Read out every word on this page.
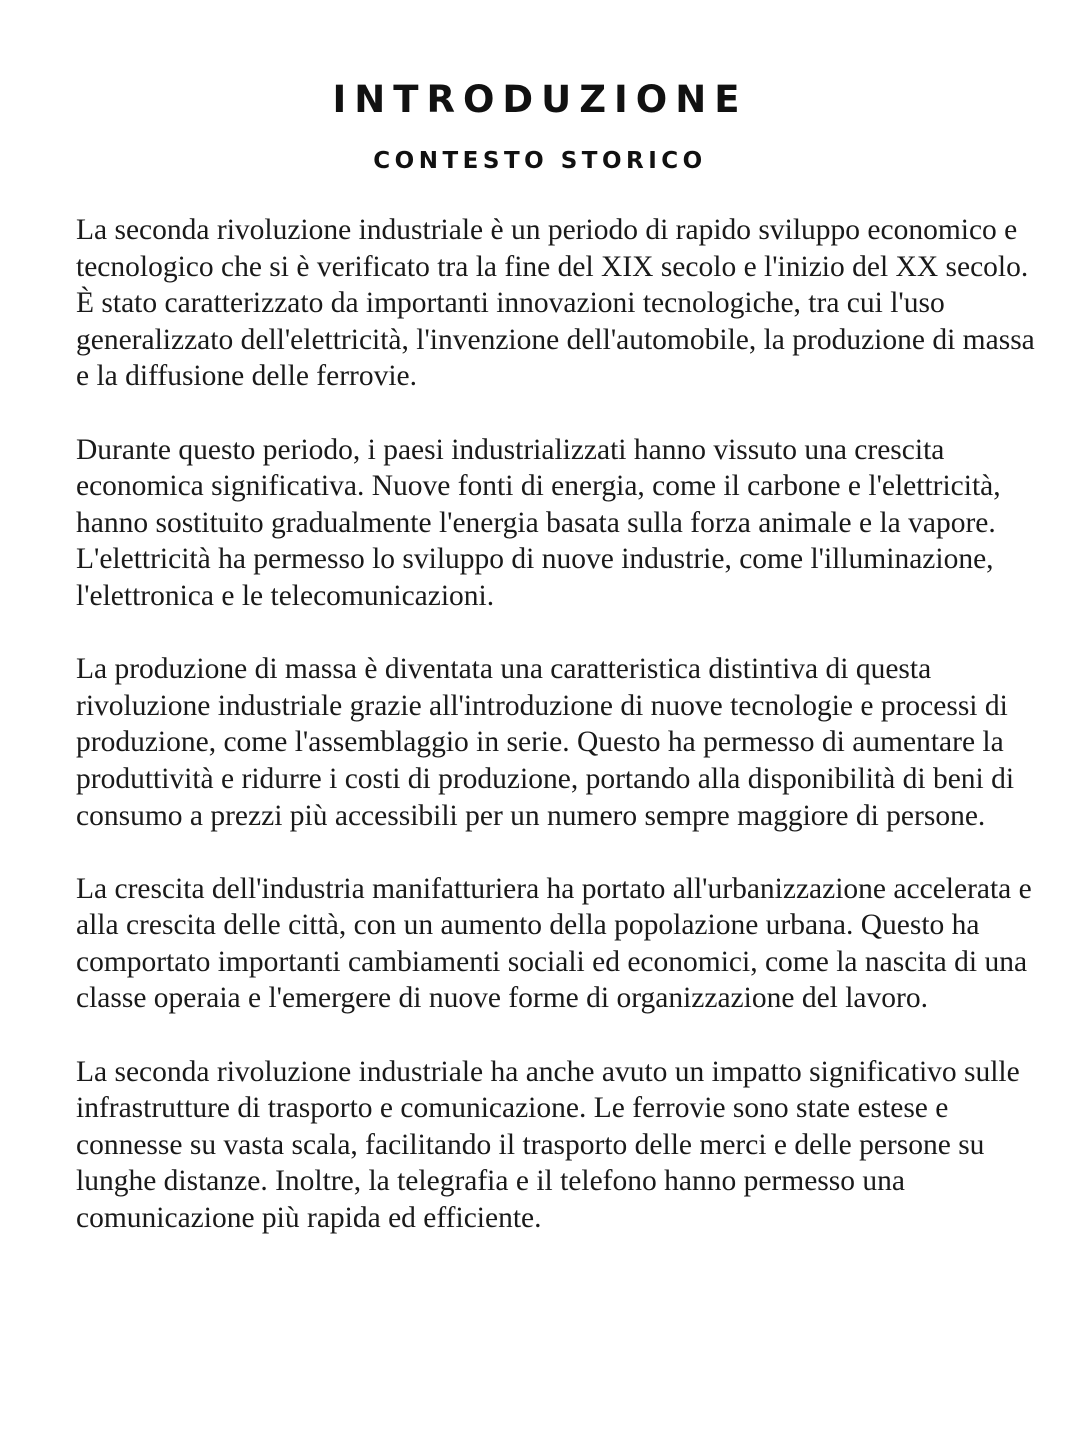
INTRODUZIONE
CONTESTO STORICO

La seconda rivoluzione industriale è un periodo di rapido sviluppo economico e tecnologico che si è verificato tra la fine del XIX secolo e l'inizio del XX secolo. È stato caratterizzato da importanti innovazioni tecnologiche, tra cui l'uso generalizzato dell'elettricità, l'invenzione dell'automobile, la produzione di massa e la diffusione delle ferrovie.

Durante questo periodo, i paesi industrializzati hanno vissuto una crescita economica significativa. Nuove fonti di energia, come il carbone e l'elettricità, hanno sostituito gradualmente l'energia basata sulla forza animale e la vapore. L'elettricità ha permesso lo sviluppo di nuove industrie, come l'illuminazione, l'elettronica e le telecomunicazioni.

La produzione di massa è diventata una caratteristica distintiva di questa rivoluzione industriale grazie all'introduzione di nuove tecnologie e processi di produzione, come l'assemblaggio in serie. Questo ha permesso di aumentare la produttività e ridurre i costi di produzione, portando alla disponibilità di beni di consumo a prezzi più accessibili per un numero sempre maggiore di persone.

La crescita dell'industria manifatturiera ha portato all'urbanizzazione accelerata e alla crescita delle città, con un aumento della popolazione urbana. Questo ha comportato importanti cambiamenti sociali ed economici, come la nascita di una classe operaia e l'emergere di nuove forme di organizzazione del lavoro.

La seconda rivoluzione industriale ha anche avuto un impatto significativo sulle infrastrutture di trasporto e comunicazione. Le ferrovie sono state estese e connesse su vasta scala, facilitando il trasporto delle merci e delle persone su lunghe distanze. Inoltre, la telegrafia e il telefono hanno permesso una comunicazione più rapida ed efficiente.
